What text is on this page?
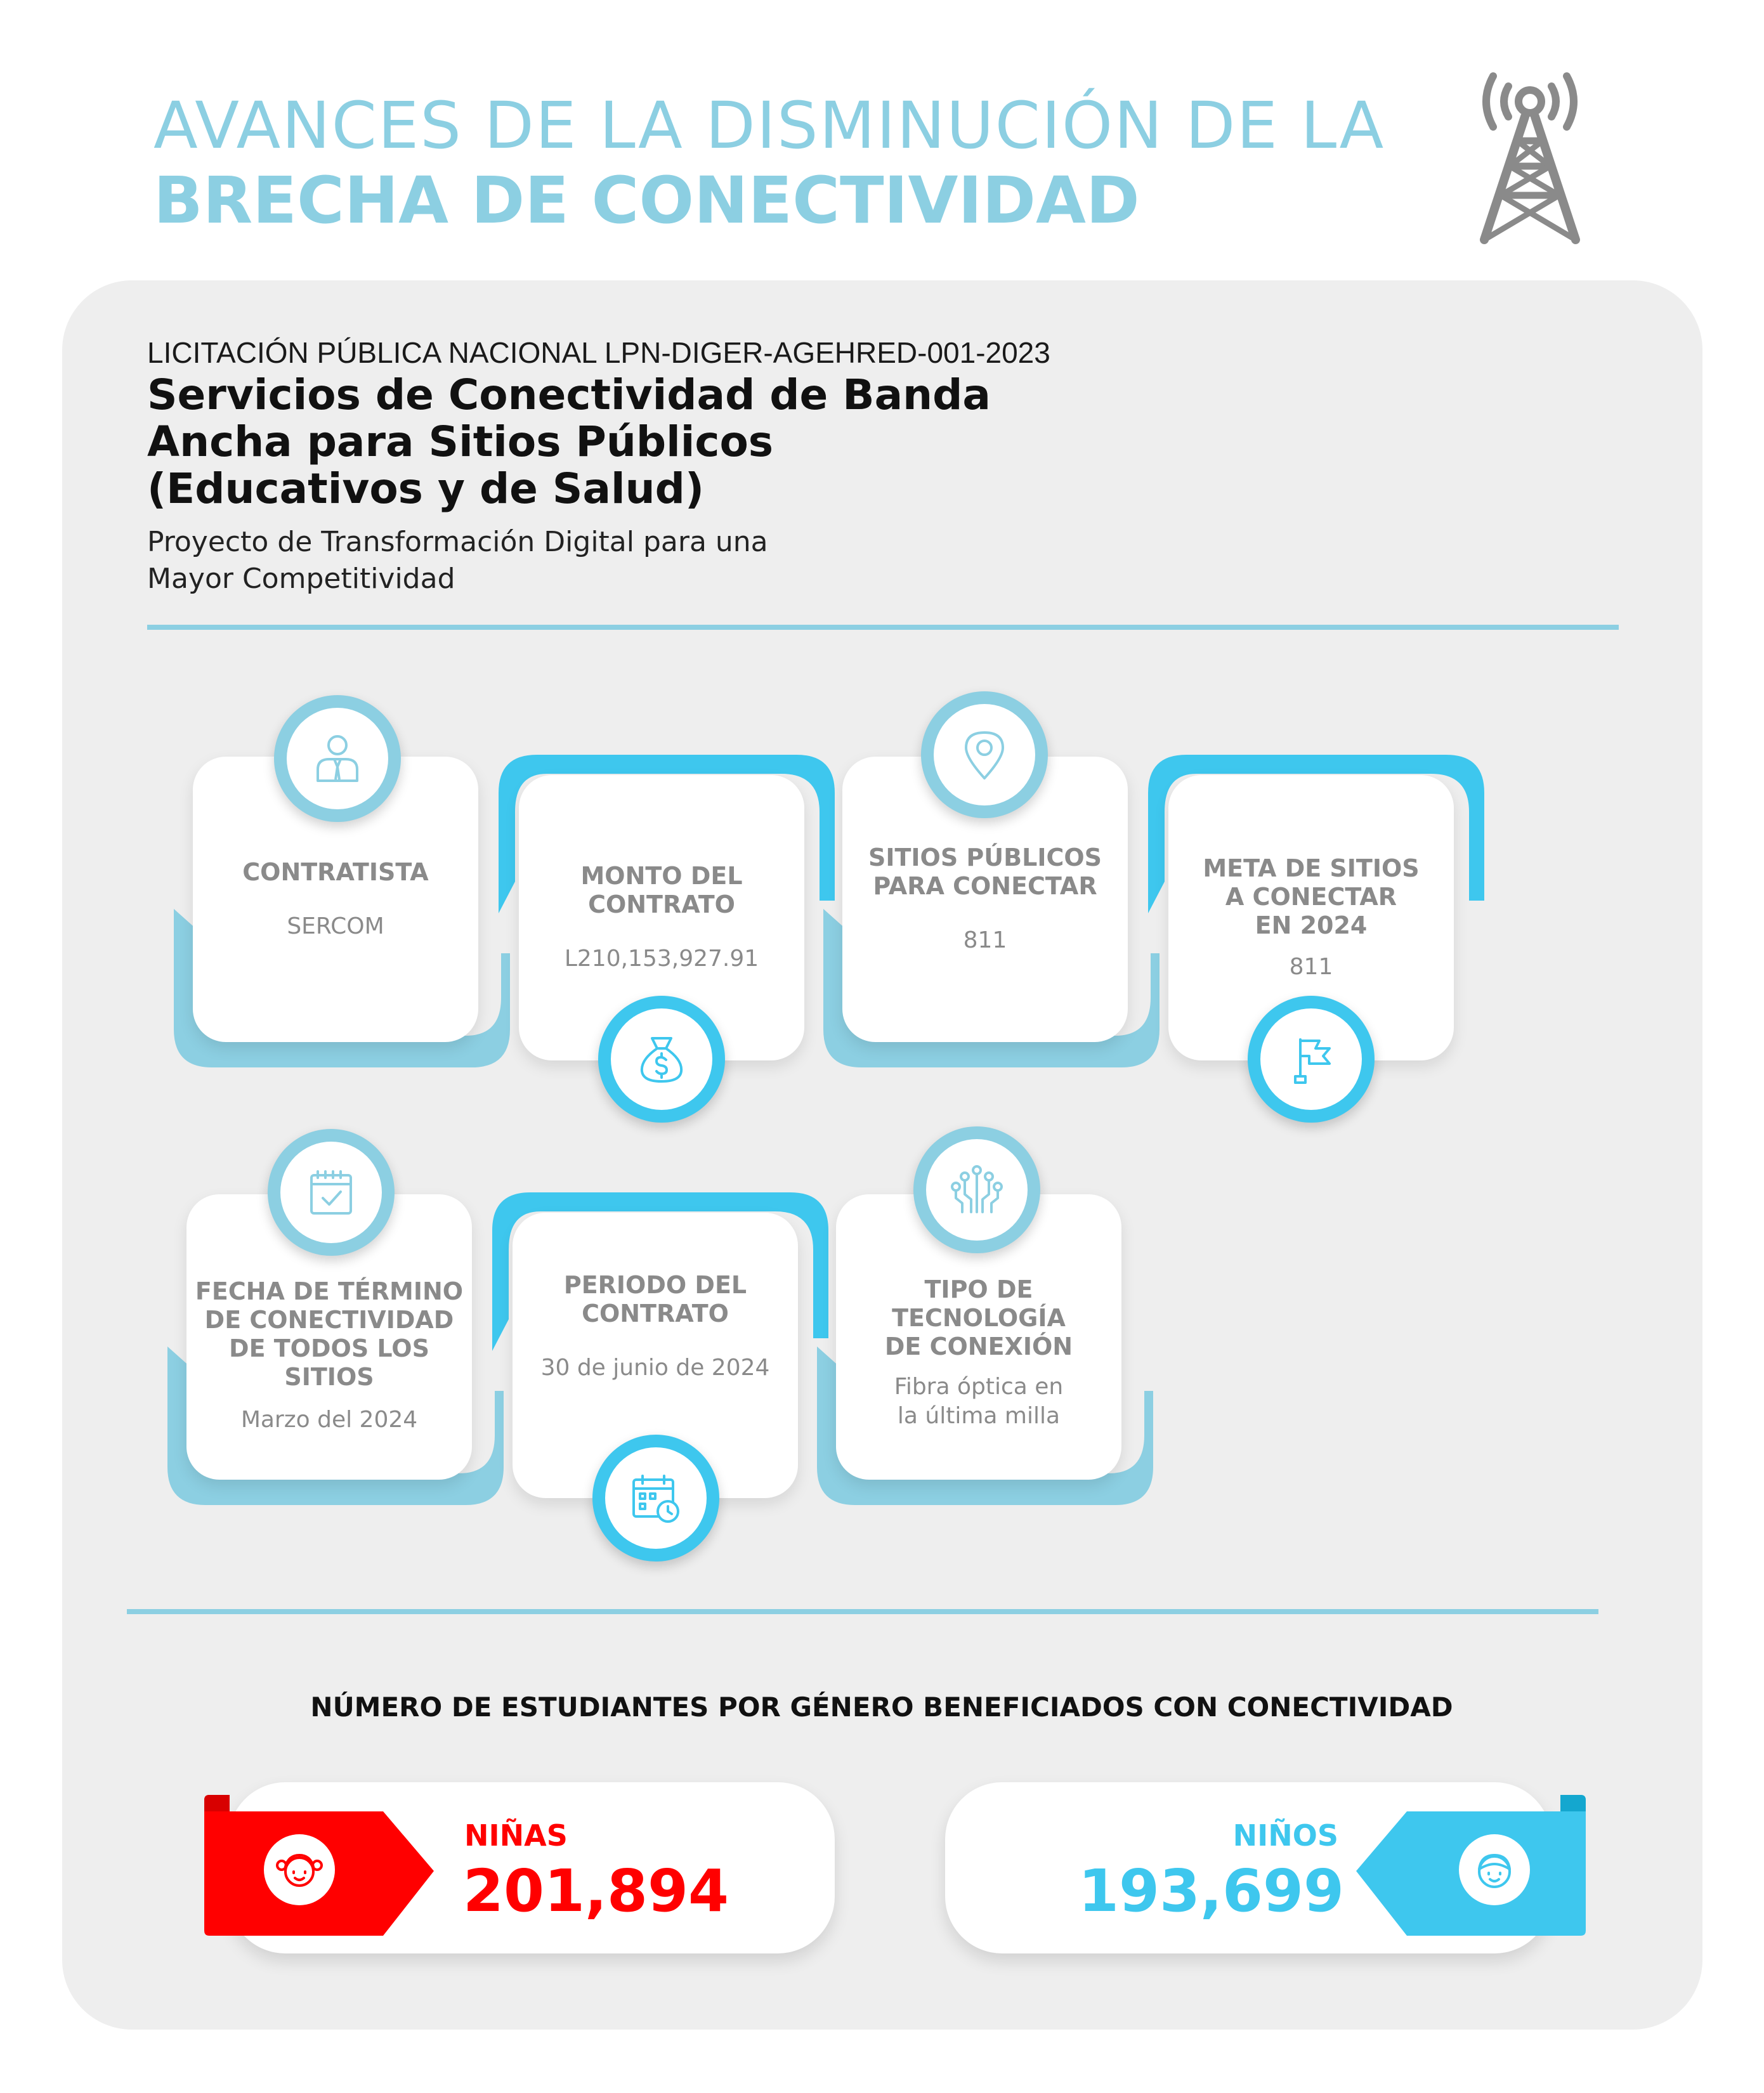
AVANCES DE LA DISMINUCIÓN DE LA
BRECHA DE CONECTIVIDAD
LICITACIÓN PÚBLICA NACIONAL LPN-DIGER-AGEHRED-001-2023
Servicios de Conectividad de Banda
Ancha para Sitios Públicos
(Educativos y de Salud)
Proyecto de Transformación Digital para una
Mayor Competitividad
CONTRATISTA
SERCOM
MONTO DEL
CONTRATO
L210,153,927.91
SITIOS PÚBLICOS
PARA CONECTAR
811
META DE SITIOS
A CONECTAR
EN 2024
811
FECHA DE TÉRMINO
DE CONECTIVIDAD
DE TODOS LOS
SITIOS
Marzo del 2024
PERIODO DEL
CONTRATO
30 de junio de 2024
TIPO DE
TECNOLOGÍA
DE CONEXIÓN
Fibra óptica en
la última milla
NÚMERO DE ESTUDIANTES POR GÉNERO BENEFICIADOS CON CONECTIVIDAD
NIÑAS
201,894
NIÑOS
193,699
